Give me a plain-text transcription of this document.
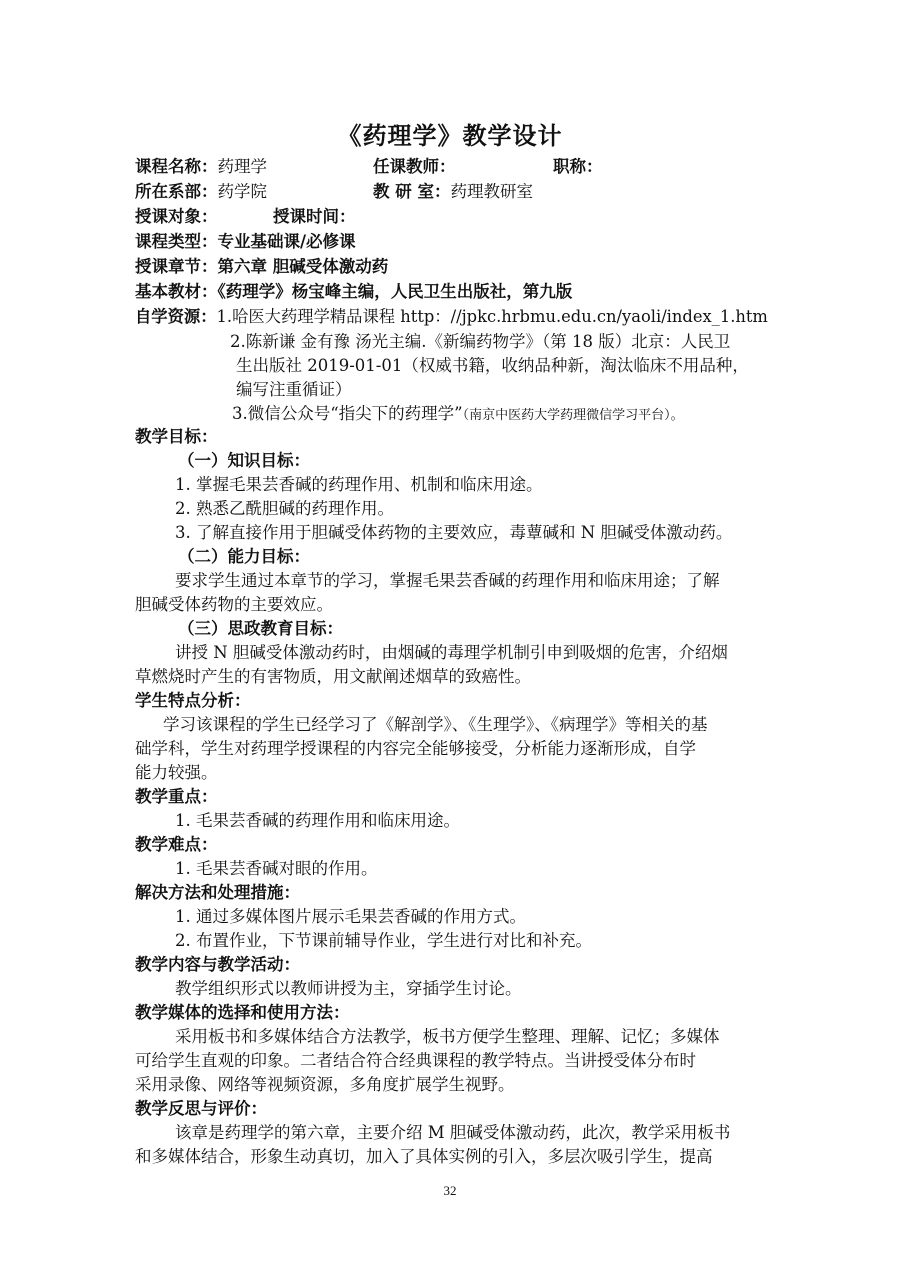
《药理学》教学设计
课程名称：药理学	任课教师：	职称：
所在系部：药学院	教 研 室：药理教研室
授课对象：	授课时间：
课程类型：专业基础课/必修课
授课章节：第六章 胆碱受体激动药
基本教材：《药理学》杨宝峰主编，人民卫生出版社，第九版
自学资源：1.哈医大药理学精品课程 http：//jpkc.hrbmu.edu.cn/yaoli/index_1.htm
2.陈新谦 金有豫 汤光主编.《新编药物学》（第 18 版）北京：人民卫
生出版社 2019-01-01（权威书籍，收纳品种新，淘汰临床不用品种，
编写注重循证）
3.微信公众号“指尖下的药理学”（南京中医药大学药理微信学习平台）。
教学目标：
（一）知识目标：
1. 掌握毛果芸香碱的药理作用、机制和临床用途。
2. 熟悉乙酰胆碱的药理作用。
3. 了解直接作用于胆碱受体药物的主要效应，毒蕈碱和 N 胆碱受体激动药。
（二）能力目标：
要求学生通过本章节的学习，掌握毛果芸香碱的药理作用和临床用途；了解
胆碱受体药物的主要效应。
（三）思政教育目标：
讲授 N 胆碱受体激动药时，由烟碱的毒理学机制引申到吸烟的危害，介绍烟
草燃烧时产生的有害物质，用文献阐述烟草的致癌性。
学生特点分析：
学习该课程的学生已经学习了《解剖学》、《生理学》、《病理学》等相关的基
础学科，学生对药理学授课程的内容完全能够接受，分析能力逐渐形成，自学
能力较强。
教学重点：
1. 毛果芸香碱的药理作用和临床用途。
教学难点：
1. 毛果芸香碱对眼的作用。
解决方法和处理措施：
1. 通过多媒体图片展示毛果芸香碱的作用方式。
2. 布置作业，下节课前辅导作业，学生进行对比和补充。
教学内容与教学活动：
教学组织形式以教师讲授为主，穿插学生讨论。
教学媒体的选择和使用方法：
采用板书和多媒体结合方法教学，板书方便学生整理、理解、记忆；多媒体
可给学生直观的印象。二者结合符合经典课程的教学特点。当讲授受体分布时
采用录像、网络等视频资源，多角度扩展学生视野。
教学反思与评价：
该章是药理学的第六章，主要介绍 M 胆碱受体激动药，此次，教学采用板书
和多媒体结合，形象生动真切，加入了具体实例的引入，多层次吸引学生，提高
32
